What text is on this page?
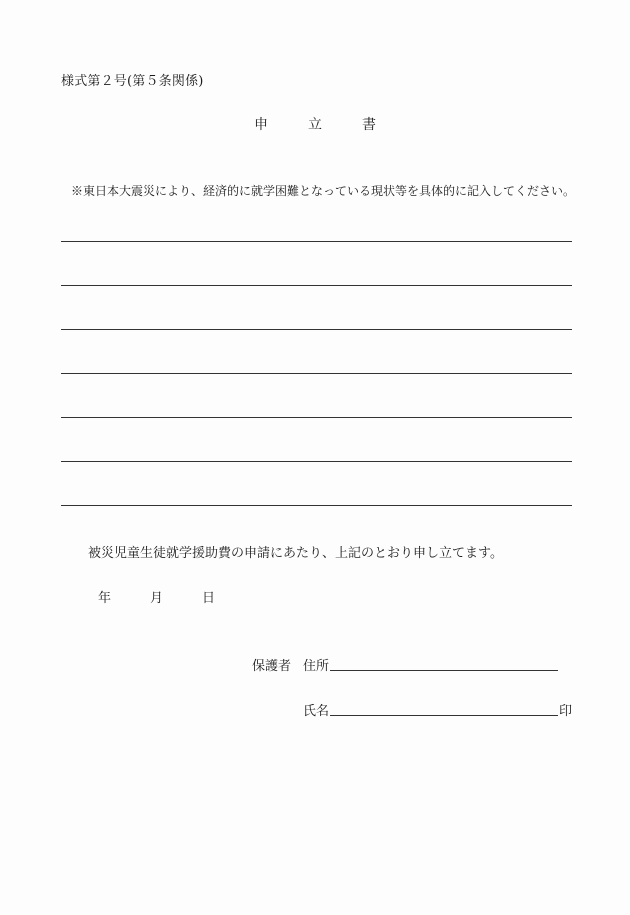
様式第２号(第５条関係)
申	立	書
※東日本大震災により、経済的に就学困難となっている現状等を具体的に記入してください。
被災児童生徒就学援助費の申請にあたり、上記のとおり申し立てます。
年	月	日
保護者 住所
氏名	印
